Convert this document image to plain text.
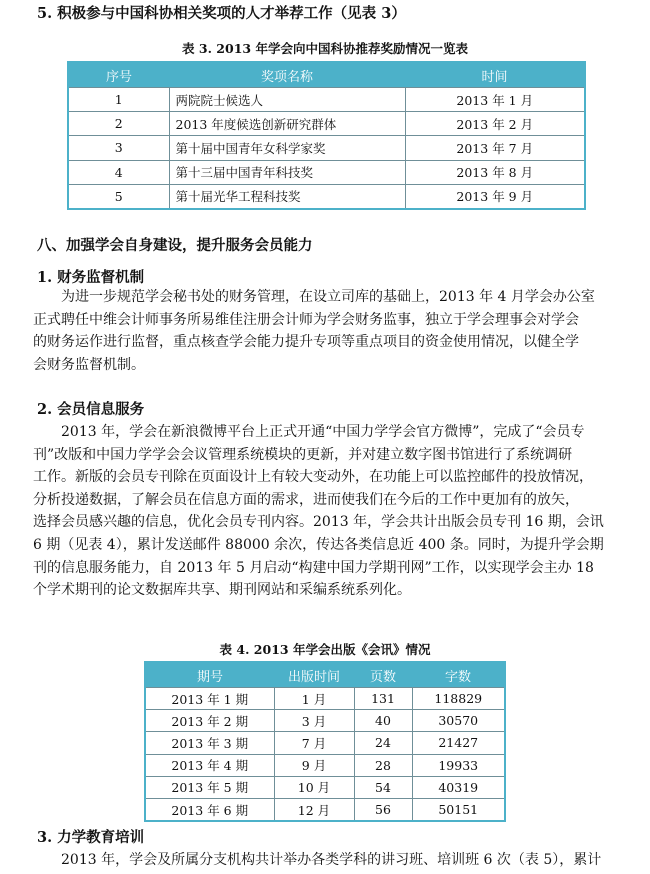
5. 积极参与中国科协相关奖项的人才举荐工作（见表 3）
表 3. 2013 年学会向中国科协推荐奖励情况一览表
序号	奖项名称	时间
1	两院院士候选人	2013 年 1 月
2	2013 年度候选创新研究群体	2013 年 2 月
3	第十届中国青年女科学家奖	2013 年 7 月
4	第十三届中国青年科技奖	2013 年 8 月
5	第十届光华工程科技奖	2013 年 9 月
八、加强学会自身建设，提升服务会员能力
1. 财务监督机制

为进一步规范学会秘书处的财务管理，在设立司库的基础上，2013 年 4 月学会办公室

正式聘任中维会计师事务所易维佳注册会计师为学会财务监事，独立于学会理事会对学会

的财务运作进行监督，重点核查学会能力提升专项等重点项目的资金使用情况，以健全学

会财务监督机制。

2. 会员信息服务

2013 年，学会在新浪微博平台上正式开通“中国力学学会官方微博”，完成了“会员专

刊”改版和中国力学学会会议管理系统模块的更新，并对建立数字图书馆进行了系统调研

工作。新版的会员专刊除在页面设计上有较大变动外，在功能上可以监控邮件的投放情况，

分析投递数据，了解会员在信息方面的需求，进而使我们在今后的工作中更加有的放矢，

选择会员感兴趣的信息，优化会员专刊内容。2013 年，学会共计出版会员专刊 16 期，会讯

6 期（见表 4），累计发送邮件 88000 余次，传达各类信息近 400 条。同时，为提升学会期

刊的信息服务能力，自 2013 年 5 月启动“构建中国力学期刊网”工作，以实现学会主办 18

个学术期刊的论文数据库共享、期刊网站和采编系统系列化。

表 4. 2013 年学会出版《会讯》情况
期号	出版时间	页数	字数
2013 年 1 期	1 月	131	118829
2013 年 2 期	3 月	40	30570
2013 年 3 期	7 月	24	21427
2013 年 4 期	9 月	28	19933
2013 年 5 期	10 月	54	40319
2013 年 6 期	12 月	56	50151
3. 力学教育培训

2013 年，学会及所属分支机构共计举办各类学科的讲习班、培训班 6 次（表 5），累计
